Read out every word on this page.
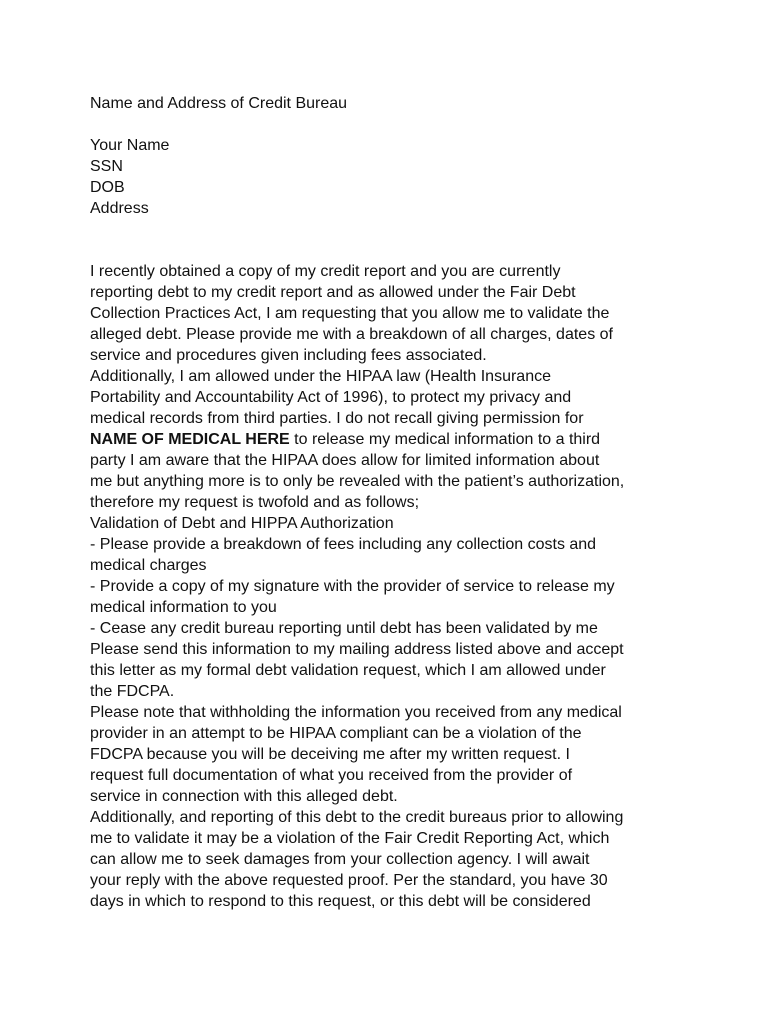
Name and Address of Credit Bureau
Your Name
SSN
DOB
Address
I recently obtained a copy of my credit report and you are currently
reporting debt to my credit report and as allowed under the Fair Debt
Collection Practices Act, I am requesting that you allow me to validate the
alleged debt. Please provide me with a breakdown of all charges, dates of
service and procedures given including fees associated.
Additionally, I am allowed under the HIPAA law (Health Insurance
Portability and Accountability Act of 1996), to protect my privacy and
medical records from third parties. I do not recall giving permission for
NAME OF MEDICAL HERE to release my medical information to a third
party I am aware that the HIPAA does allow for limited information about
me but anything more is to only be revealed with the patient’s authorization,
therefore my request is twofold and as follows;
Validation of Debt and HIPPA Authorization
- Please provide a breakdown of fees including any collection costs and
medical charges
- Provide a copy of my signature with the provider of service to release my
medical information to you
- Cease any credit bureau reporting until debt has been validated by me
Please send this information to my mailing address listed above and accept
this letter as my formal debt validation request, which I am allowed under
the FDCPA.
Please note that withholding the information you received from any medical
provider in an attempt to be HIPAA compliant can be a violation of the
FDCPA because you will be deceiving me after my written request. I
request full documentation of what you received from the provider of
service in connection with this alleged debt.
Additionally, and reporting of this debt to the credit bureaus prior to allowing
me to validate it may be a violation of the Fair Credit Reporting Act, which
can allow me to seek damages from your collection agency. I will await
your reply with the above requested proof. Per the standard, you have 30
days in which to respond to this request, or this debt will be considered
